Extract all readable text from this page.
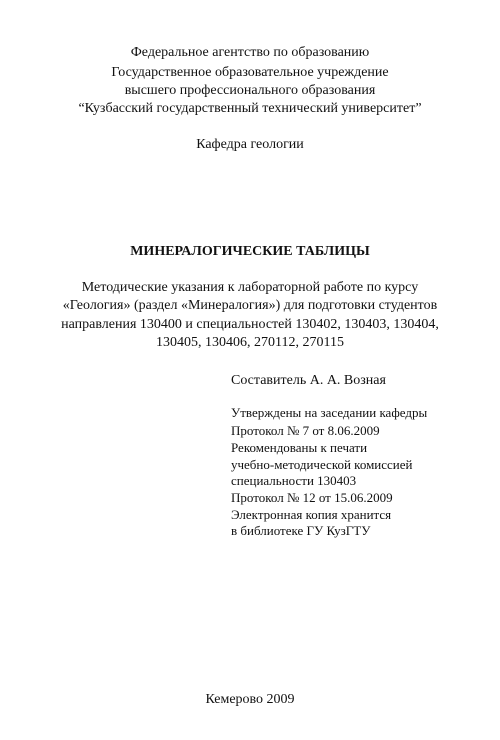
Федеральное агентство по образованию
Государственное образовательное учреждение
высшего профессионального образования
“Кузбасский государственный технический университет”
Кафедра геологии
МИНЕРАЛОГИЧЕСКИЕ ТАБЛИЦЫ
Методические указания к лабораторной работе по курсу
«Геология» (раздел «Минералогия») для подготовки студентов
направления 130400 и специальностей 130402, 130403, 130404,
130405, 130406, 270112, 270115
Составитель А. А. Возная
Утверждены на заседании кафедры
Протокол № 7 от 8.06.2009
Рекомендованы к печати
учебно-методической комиссией
специальности 130403
Протокол № 12 от 15.06.2009
Электронная копия хранится
в библиотеке ГУ КузГТУ
Кемерово 2009
